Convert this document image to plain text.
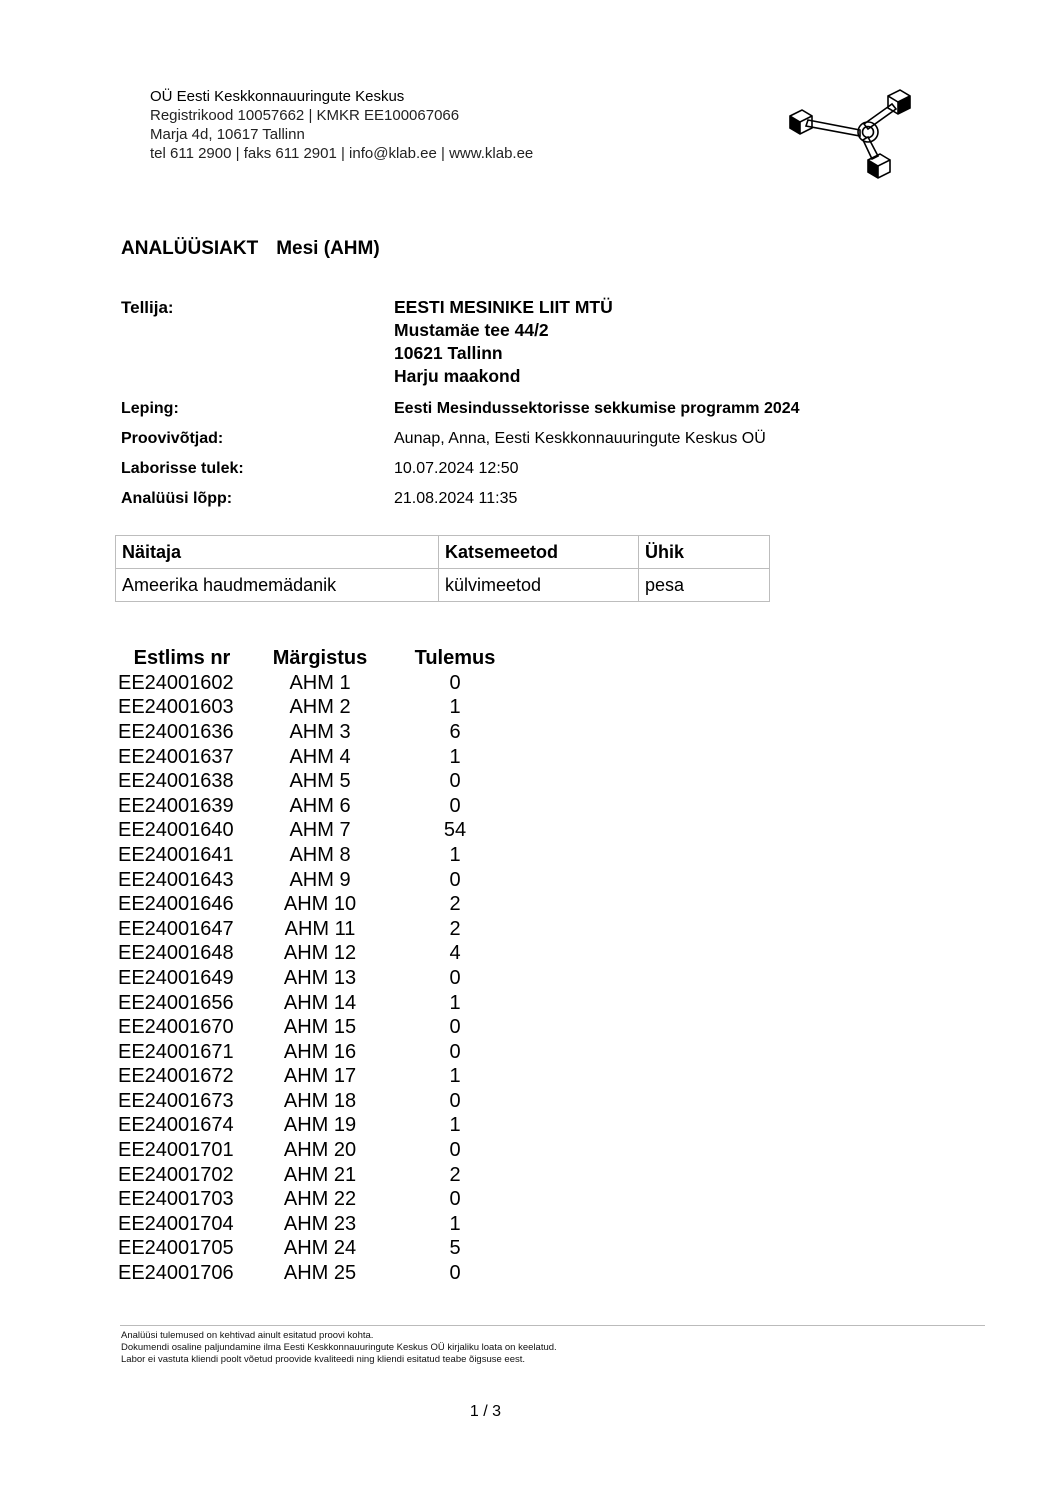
OÜ Eesti Keskkonnauuringute Keskus
Registrikood 10057662 | KMKR EE100067066
Marja 4d, 10617 Tallinn
tel 611 2900 | faks 611 2901 | info@klab.ee | www.klab.ee
ANALÜÜSIAKT Mesi (AHM)
Tellija:	EESTI MESINIKE LIIT MTÜ
Mustamäe tee 44/2
10621 Tallinn
Harju maakond
Leping:	Eesti Mesindussektorisse sekkumise programm 2024
Proovivõtjad:	Aunap, Anna, Eesti Keskkonnauuringute Keskus OÜ
Laborisse tulek:	10.07.2024 12:50
Analüüsi lõpp:	21.08.2024 11:35
Näitaja	Katsemeetod	Ühik
Ameerika haudmemädanik	külvimeetod	pesa
Estlims nr	Märgistus	Tulemus
EE24001602	AHM 1	0
EE24001603	AHM 2	1
EE24001636	AHM 3	6
EE24001637	AHM 4	1
EE24001638	AHM 5	0
EE24001639	AHM 6	0
EE24001640	AHM 7	54
EE24001641	AHM 8	1
EE24001643	AHM 9	0
EE24001646	AHM 10	2
EE24001647	AHM 11	2
EE24001648	AHM 12	4
EE24001649	AHM 13	0
EE24001656	AHM 14	1
EE24001670	AHM 15	0
EE24001671	AHM 16	0
EE24001672	AHM 17	1
EE24001673	AHM 18	0
EE24001674	AHM 19	1
EE24001701	AHM 20	0
EE24001702	AHM 21	2
EE24001703	AHM 22	0
EE24001704	AHM 23	1
EE24001705	AHM 24	5
EE24001706	AHM 25	0
Analüüsi tulemused on kehtivad ainult esitatud proovi kohta.
Dokumendi osaline paljundamine ilma Eesti Keskkonnauuringute Keskus OÜ kirjaliku loata on keelatud.
Labor ei vastuta kliendi poolt võetud proovide kvaliteedi ning kliendi esitatud teabe õigsuse eest.
1 / 3
